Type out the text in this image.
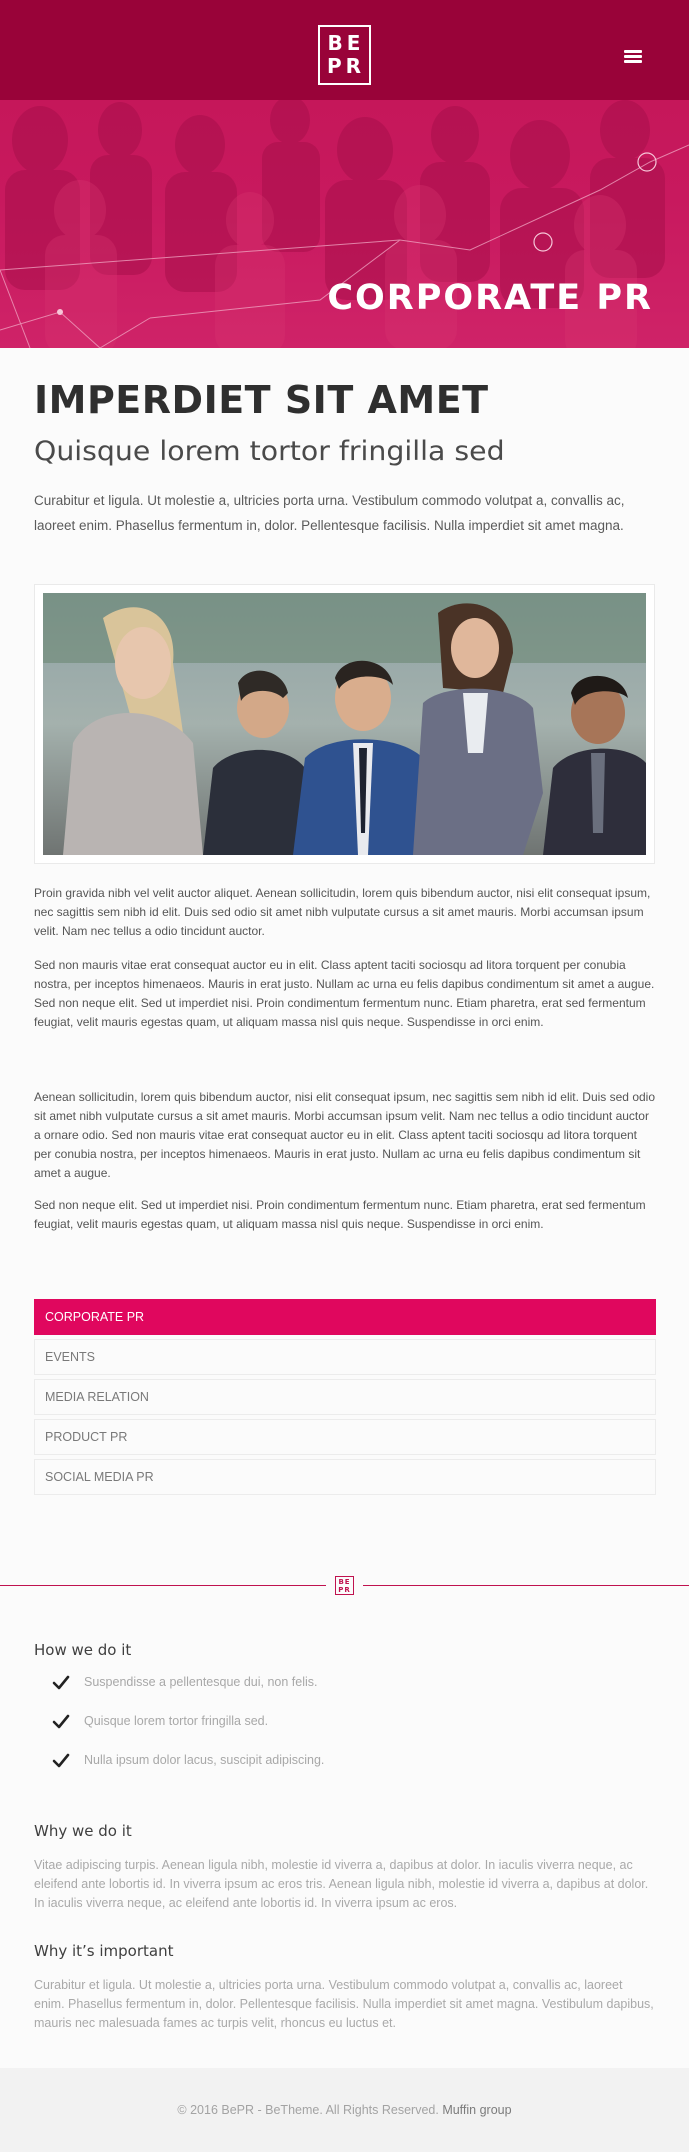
BE
PR
CORPORATE PR
IMPERDIET SIT AMET
Quisque lorem tortor fringilla sed

Curabitur et ligula. Ut molestie a, ultricies porta urna. Vestibulum commodo volutpat a, convallis ac, laoreet enim. Phasellus fermentum in, dolor. Pellentesque facilisis. Nulla imperdiet sit amet magna.

Proin gravida nibh vel velit auctor aliquet. Aenean sollicitudin, lorem quis bibendum auctor, nisi elit consequat ipsum, nec sagittis sem nibh id elit. Duis sed odio sit amet nibh vulputate cursus a sit amet mauris. Morbi accumsan ipsum velit. Nam nec tellus a odio tincidunt auctor.

Sed non mauris vitae erat consequat auctor eu in elit. Class aptent taciti sociosqu ad litora torquent per conubia nostra, per inceptos himenaeos. Mauris in erat justo. Nullam ac urna eu felis dapibus condimentum sit amet a augue. Sed non neque elit. Sed ut imperdiet nisi. Proin condimentum fermentum nunc. Etiam pharetra, erat sed fermentum feugiat, velit mauris egestas quam, ut aliquam massa nisl quis neque. Suspendisse in orci enim.

Aenean sollicitudin, lorem quis bibendum auctor, nisi elit consequat ipsum, nec sagittis sem nibh id elit. Duis sed odio sit amet nibh vulputate cursus a sit amet mauris. Morbi accumsan ipsum velit. Nam nec tellus a odio tincidunt auctor a ornare odio. Sed non mauris vitae erat consequat auctor eu in elit. Class aptent taciti sociosqu ad litora torquent per conubia nostra, per inceptos himenaeos. Mauris in erat justo. Nullam ac urna eu felis dapibus condimentum sit amet a augue.

Sed non neque elit. Sed ut imperdiet nisi. Proin condimentum fermentum nunc. Etiam pharetra, erat sed fermentum feugiat, velit mauris egestas quam, ut aliquam massa nisl quis neque. Suspendisse in orci enim.

CORPORATE PR
EVENTS
MEDIA RELATION
PRODUCT PR
SOCIAL MEDIA PR
BE
PR
How we do it
Suspendisse a pellentesque dui, non felis.
Quisque lorem tortor fringilla sed.
Nulla ipsum dolor lacus, suscipit adipiscing.
Why we do it

Vitae adipiscing turpis. Aenean ligula nibh, molestie id viverra a, dapibus at dolor. In iaculis viverra neque, ac eleifend ante lobortis id. In viverra ipsum ac eros tris. Aenean ligula nibh, molestie id viverra a, dapibus at dolor. In iaculis viverra neque, ac eleifend ante lobortis id. In viverra ipsum ac eros.

Why it’s important

Curabitur et ligula. Ut molestie a, ultricies porta urna. Vestibulum commodo volutpat a, convallis ac, laoreet enim. Phasellus fermentum in, dolor. Pellentesque facilisis. Nulla imperdiet sit amet magna. Vestibulum dapibus, mauris nec malesuada fames ac turpis velit, rhoncus eu luctus et.

© 2016 BePR - BeTheme. All Rights Reserved. Muffin group
